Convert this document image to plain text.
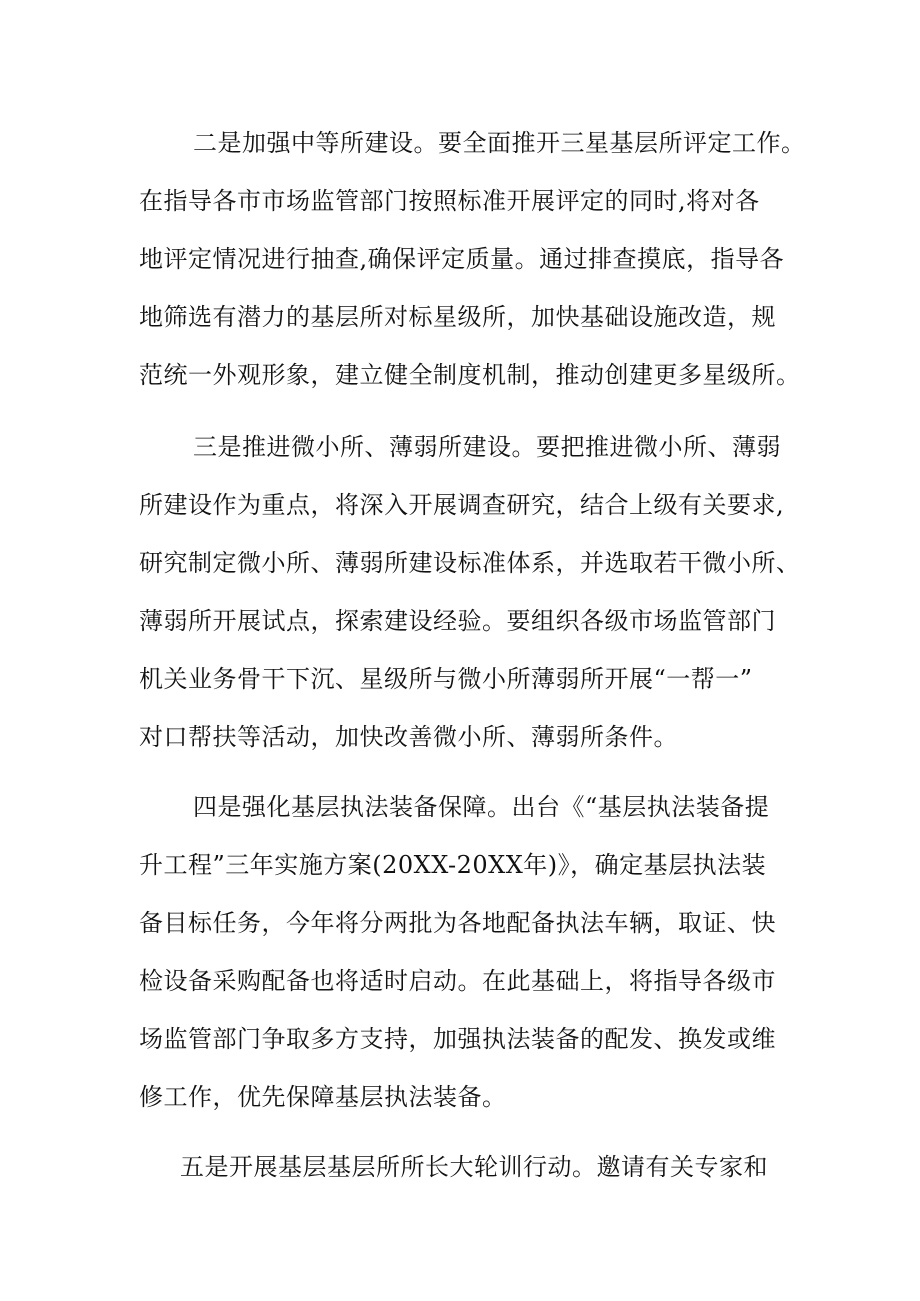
二是加强中等所建设。要全面推开三星基层所评定工作。
在指导各市市场监管部门按照标准开展评定的同时,将对各
地评定情况进行抽查,确保评定质量。通过排查摸底，指导各
地筛选有潜力的基层所对标星级所，加快基础设施改造，规
范统一外观形象，建立健全制度机制，推动创建更多星级所。
三是推进微小所、薄弱所建设。要把推进微小所、薄弱
所建设作为重点，将深入开展调查研究，结合上级有关要求,
研究制定微小所、薄弱所建设标准体系，并选取若干微小所、
薄弱所开展试点，探索建设经验。要组织各级市场监管部门
机关业务骨干下沉、星级所与微小所薄弱所开展“一帮一”
对口帮扶等活动，加快改善微小所、薄弱所条件。
四是强化基层执法装备保障。出台《“基层执法装备提
升工程”三年实施方案(20XX-20XX年)》，确定基层执法装
备目标任务，今年将分两批为各地配备执法车辆，取证、快
检设备采购配备也将适时启动。在此基础上，将指导各级市
场监管部门争取多方支持，加强执法装备的配发、换发或维
修工作，优先保障基层执法装备。
五是开展基层基层所所长大轮训行动。邀请有关专家和
